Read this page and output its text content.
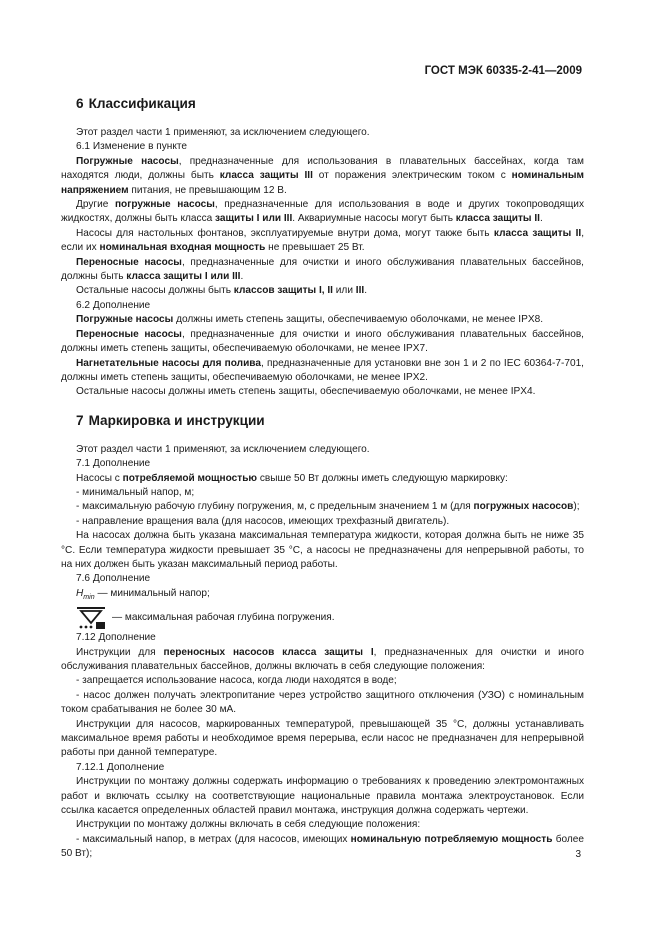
ГОСТ МЭК 60335-2-41—2009
6 Классификация

Этот раздел части 1 применяют, за исключением следующего.

6.1 Изменение в пункте

Погружные насосы, предназначенные для использования в плавательных бассейнах, когда там находятся люди, должны быть класса защиты III от поражения электрическим током с номинальным напряжением питания, не превышающим 12 В.

Другие погружные насосы, предназначенные для использования в воде и других токопроводящих жидкостях, должны быть класса защиты I или III. Аквариумные насосы могут быть класса защиты II.

Насосы для настольных фонтанов, эксплуатируемые внутри дома, могут также быть класса защиты II, если их номинальная входная мощность не превышает 25 Вт.

Переносные насосы, предназначенные для очистки и иного обслуживания плавательных бассейнов, должны быть класса защиты I или III.

Остальные насосы должны быть классов защиты I, II или III.

6.2 Дополнение

Погружные насосы должны иметь степень защиты, обеспечиваемую оболочками, не менее IPX8.

Переносные насосы, предназначенные для очистки и иного обслуживания плавательных бассейнов, должны иметь степень защиты, обеспечиваемую оболочками, не менее IPX7.

Нагнетательные насосы для полива, предназначенные для установки вне зон 1 и 2 по IEC 60364-7-701, должны иметь степень защиты, обеспечиваемую оболочками, не менее IPX2.

Остальные насосы должны иметь степень защиты, обеспечиваемую оболочками, не менее IPX4.

7 Маркировка и инструкции

Этот раздел части 1 применяют, за исключением следующего.

7.1 Дополнение

Насосы с потребляемой мощностью свыше 50 Вт должны иметь следующую маркировку:

- минимальный напор, м;

- максимальную рабочую глубину погружения, м, с предельным значением 1 м (для погружных насосов);

- направление вращения вала (для насосов, имеющих трехфазный двигатель).

На насосах должна быть указана максимальная температура жидкости, которая должна быть не ниже 35 °С. Если температура жидкости превышает 35 °С, а насосы не предназначены для непрерывной работы, то на них должен быть указан максимальный период работы.

7.6 Дополнение

$H_{min}$ — минимальный напор;

— максимальная рабочая глубина погружения.

7.12 Дополнение

Инструкции для переносных насосов класса защиты I, предназначенных для очистки и иного обслуживания плавательных бассейнов, должны включать в себя следующие положения:

- запрещается использование насоса, когда люди находятся в воде;

- насос должен получать электропитание через устройство защитного отключения (УЗО) с номинальным током срабатывания не более 30 мА.

Инструкции для насосов, маркированных температурой, превышающей 35 °С, должны устанавливать максимальное время работы и необходимое время перерыва, если насос не предназначен для непрерывной работы при данной температуре.

7.12.1 Дополнение

Инструкции по монтажу должны содержать информацию о требованиях к проведению электромонтажных работ и включать ссылку на соответствующие национальные правила монтажа электроустановок. Если ссылка касается определенных областей правил монтажа, инструкция должна содержать чертежи.

Инструкции по монтажу должны включать в себя следующие положения:

- максимальный напор, в метрах (для насосов, имеющих номинальную потребляемую мощность более 50 Вт);	3
